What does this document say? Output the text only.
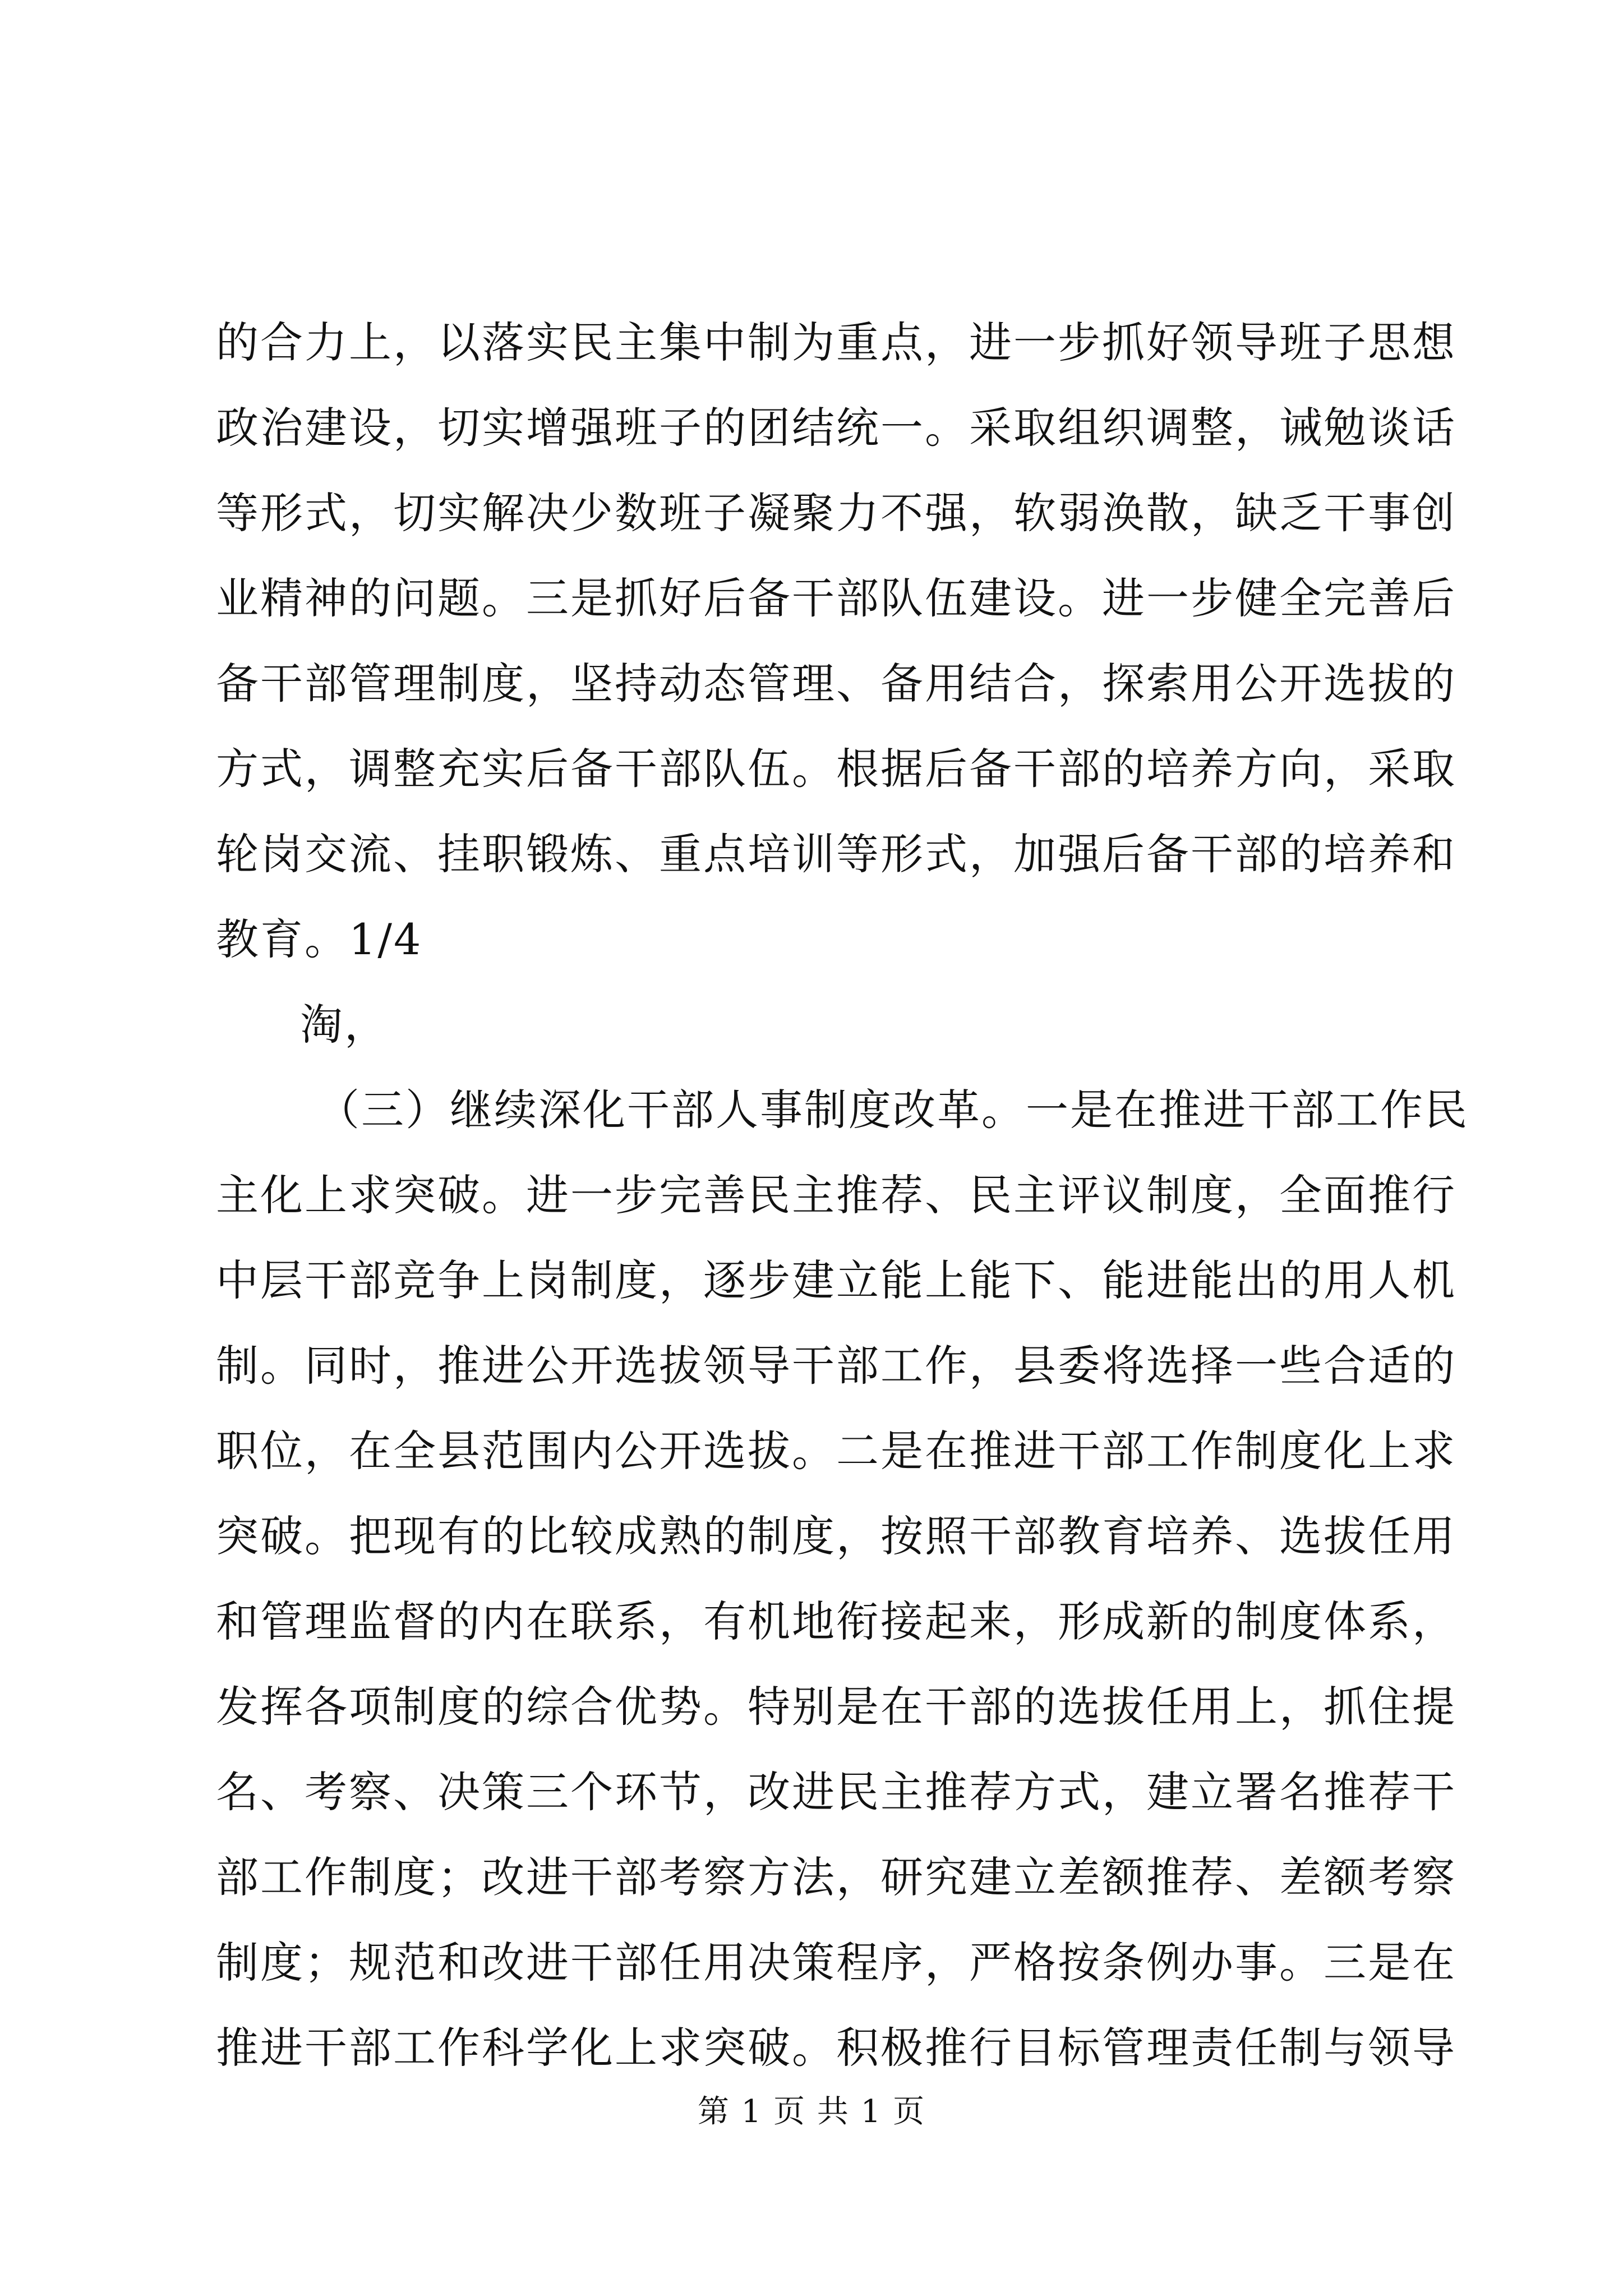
的合力上，以落实民主集中制为重点，进一步抓好领导班子思想
政治建设，切实增强班子的团结统一。采取组织调整，诫勉谈话
等形式，切实解决少数班子凝聚力不强，软弱涣散，缺乏干事创
业精神的问题。三是抓好后备干部队伍建设。进一步健全完善后
备干部管理制度，坚持动态管理、备用结合，探索用公开选拔的
方式，调整充实后备干部队伍。根据后备干部的培养方向，采取
轮岗交流、挂职锻炼、重点培训等形式，加强后备干部的培养和
教育。1/4
淘，
（三）继续深化干部人事制度改革。一是在推进干部工作民
主化上求突破。进一步完善民主推荐、民主评议制度，全面推行
中层干部竞争上岗制度，逐步建立能上能下、能进能出的用人机
制。同时，推进公开选拔领导干部工作，县委将选择一些合适的
职位，在全县范围内公开选拔。二是在推进干部工作制度化上求
突破。把现有的比较成熟的制度，按照干部教育培养、选拔任用
和管理监督的内在联系，有机地衔接起来，形成新的制度体系，
发挥各项制度的综合优势。特别是在干部的选拔任用上，抓住提
名、考察、决策三个环节，改进民主推荐方式，建立署名推荐干
部工作制度；改进干部考察方法，研究建立差额推荐、差额考察
制度；规范和改进干部任用决策程序，严格按条例办事。三是在
推进干部工作科学化上求突破。积极推行目标管理责任制与领导
第 1 页 共 1 页
